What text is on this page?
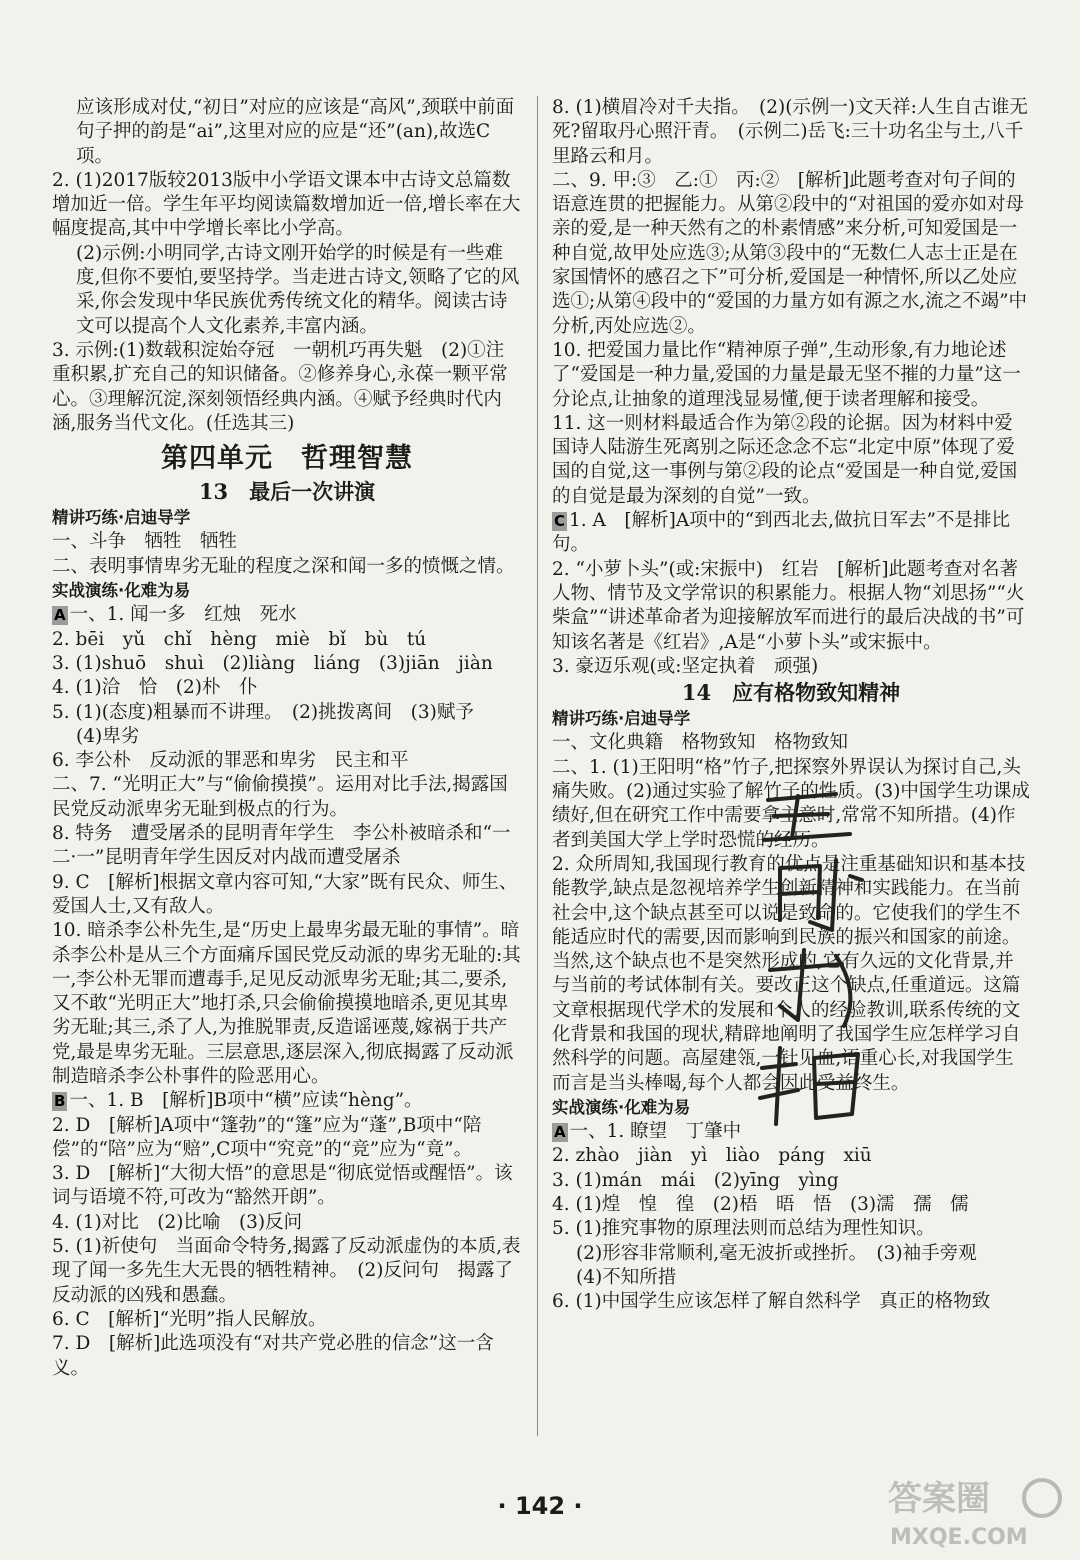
应该形成对仗,“初日”对应的应该是“高风”,颈联中前面句子押的韵是“ai”,这里对应的应是“还”(an),故选C项。
2. (1)2017版较2013版中小学语文课本中古诗文总篇数增加近一倍。学生年平均阅读篇数增加近一倍,增长率在大幅度提高,其中中学增长率比小学高。
(2)示例:小明同学,古诗文刚开始学的时候是有一些难度,但你不要怕,要坚持学。当走进古诗文,领略了它的风采,你会发现中华民族优秀传统文化的精华。阅读古诗文可以提高个人文化素养,丰富内涵。
3. 示例:(1)数载积淀始夺冠　一朝机巧再失魁　(2)①注重积累,扩充自己的知识储备。②修养身心,永葆一颗平常心。③理解沉淀,深刻领悟经典内涵。④赋予经典时代内涵,服务当代文化。(任选其三)
第四单元　哲理智慧
13　最后一次讲演
精讲巧练·启迪导学
一、斗争　牺牲　牺牲
二、表明事情卑劣无耻的程度之深和闻一多的愤慨之情。
实战演练·化难为易
A 一、1. 闻一多　红烛　死水
2. bēi　yǔ　chǐ　hèng　miè　bǐ　bù　tú
3. (1)shuō　shuì　(2)liàng　liáng　(3)jiān　jiàn
4. (1)洽　恰　(2)朴　仆
5. (1)(态度)粗暴而不讲理。　(2)挑拨离间　(3)赋予
(4)卑劣
6. 李公朴　反动派的罪恶和卑劣　民主和平
二、7. “光明正大”与“偷偷摸摸”。运用对比手法,揭露国民党反动派卑劣无耻到极点的行为。
8. 特务　遭受屠杀的昆明青年学生　李公朴被暗杀和“一二·一”昆明青年学生因反对内战而遭受屠杀
9. C　[解析]根据文章内容可知,“大家”既有民众、师生、爱国人士,又有敌人。
10. 暗杀李公朴先生,是“历史上最卑劣最无耻的事情”。暗杀李公朴是从三个方面痛斥国民党反动派的卑劣无耻的:其一,李公朴无罪而遭毒手,足见反动派卑劣无耻;其二,要杀,又不敢“光明正大”地打杀,只会偷偷摸摸地暗杀,更见其卑劣无耻;其三,杀了人,为推脱罪责,反造谣诬蔑,嫁祸于共产党,最是卑劣无耻。三层意思,逐层深入,彻底揭露了反动派制造暗杀李公朴事件的险恶用心。
B 一、1. B　[解析]B项中“横”应读“hèng”。
2. D　[解析]A项中“篷勃”的“篷”应为“蓬”,B项中“陪偿”的“陪”应为“赔”,C项中“究竞”的“竞”应为“竟”。
3. D　[解析]“大彻大悟”的意思是“彻底觉悟或醒悟”。该词与语境不符,可改为“豁然开朗”。
4. (1)对比　(2)比喻　(3)反问
5. (1)祈使句　当面命令特务,揭露了反动派虚伪的本质,表现了闻一多先生大无畏的牺牲精神。　(2)反问句　揭露了反动派的凶残和愚蠢。
6. C　[解析]“光明”指人民解放。
7. D　[解析]此选项没有“对共产党必胜的信念”这一含义。
8. (1)横眉冷对千夫指。　(2)(示例一)文天祥:人生自古谁无死?留取丹心照汗青。　(示例二)岳飞:三十功名尘与土,八千里路云和月。
二、9. 甲:③　乙:①　丙:②　[解析]此题考查对句子间的语意连贯的把握能力。从第②段中的“对祖国的爱亦如对母亲的爱,是一种天然有之的朴素情感”来分析,可知爱国是一种自觉,故甲处应选③;从第③段中的“无数仁人志士正是在家国情怀的感召之下”可分析,爱国是一种情怀,所以乙处应选①;从第④段中的“爱国的力量方如有源之水,流之不竭”中分析,丙处应选②。
10. 把爱国力量比作“精神原子弹”,生动形象,有力地论述了“爱国是一种力量,爱国的力量是最无坚不摧的力量”这一分论点,让抽象的道理浅显易懂,便于读者理解和接受。
11. 这一则材料最适合作为第②段的论据。因为材料中爱国诗人陆游生死离别之际还念念不忘“北定中原”体现了爱国的自觉,这一事例与第②段的论点“爱国是一种自觉,爱国的自觉是最为深刻的自觉”一致。
C 1. A　[解析]A项中的“到西北去,做抗日军去”不是排比句。
2. “小萝卜头”(或:宋振中)　红岩　[解析]此题考查对名著人物、情节及文学常识的积累能力。根据人物“刘思扬”“火柴盒”“讲述革命者为迎接解放军而进行的最后决战的书”可知该名著是《红岩》,A是“小萝卜头”或宋振中。
3. 豪迈乐观(或:坚定执着　顽强)
14　应有格物致知精神
精讲巧练·启迪导学
一、文化典籍　格物致知　格物致知
二、1. (1)王阳明“格”竹子,把探察外界误认为探讨自己,头痛失败。(2)通过实验了解竹子的性质。(3)中国学生功课成绩好,但在研究工作中需要拿主意时,常常不知所措。(4)作者到美国大学上学时恐慌的经历。
2. 众所周知,我国现行教育的优点是注重基础知识和基本技能教学,缺点是忽视培养学生创新精神和实践能力。在当前社会中,这个缺点甚至可以说是致命的。它使我们的学生不能适应时代的需要,因而影响到民族的振兴和国家的前途。当然,这个缺点也不是突然形成的,它有久远的文化背景,并与当前的考试体制有关。要改正这个缺点,任重道远。这篇文章根据现代学术的发展和个人的经验教训,联系传统的文化背景和我国的现状,精辟地阐明了我国学生应怎样学习自然科学的问题。高屋建瓴,一针见血,语重心长,对我国学生而言是当头棒喝,每个人都会因此受益终生。
实战演练·化难为易
A 一、1. 瞭望　丁肇中
2. zhào　jiàn　yì　liào　páng　xiū
3. (1)mán　mái　(2)yīng　yìng
4. (1)煌　惶　徨　(2)梧　晤　悟　(3)濡　孺　儒
5. (1)推究事物的原理法则而总结为理性知识。
(2)形容非常顺利,毫无波折或挫折。　(3)袖手旁观
(4)不知所措
6. (1)中国学生应该怎样了解自然科学　真正的格物致
· 142 ·	答案圈
MXQE.COM
